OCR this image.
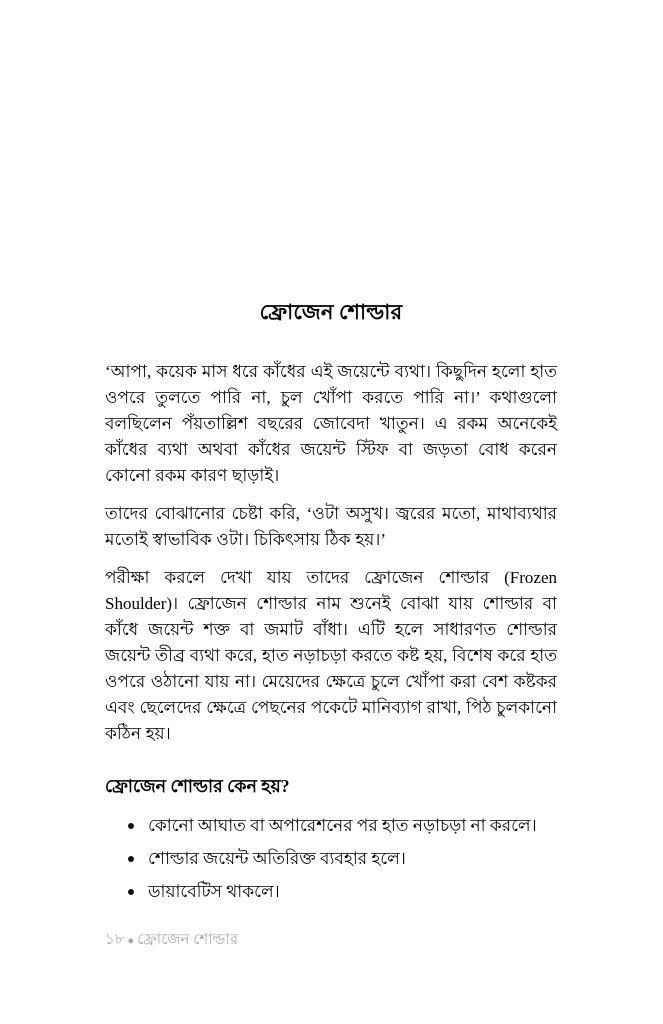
ফ্রোজেন শোল্ডার

‘আপা, কয়েক মাস ধরে কাঁধের এই জয়েন্টে ব্যথা। কিছুদিন হলো হাত ওপরে তুলতে পারি না, চুল খোঁপা করতে পারি না।’ কথাগুলো বলছিলেন পঁয়তাল্লিশ বছরের জোবেদা খাতুন। এ রকম অনেকেই কাঁধের ব্যথা অথবা কাঁধের জয়েন্ট স্টিফ বা জড়তা বোধ করেন কোনো রকম কারণ ছাড়াই।

তাদের বোঝানোর চেষ্টা করি, ‘ওটা অসুখ। জ্বরের মতো, মাথাব্যথার মতোই স্বাভাবিক ওটা। চিকিৎসায় ঠিক হয়।’

পরীক্ষা করলে দেখা যায় তাদের ফ্রোজেন শোল্ডার (Frozen Shoulder)। ফ্রোজেন শোল্ডার নাম শুনেই বোঝা যায় শোল্ডার বা কাঁধে জয়েন্ট শক্ত বা জমাট বাঁধা। এটি হলে সাধারণত শোল্ডার জয়েন্ট তীব্র ব্যথা করে, হাত নড়াচড়া করতে কষ্ট হয়, বিশেষ করে হাত ওপরে ওঠানো যায় না। মেয়েদের ক্ষেত্রে চুলে খোঁপা করা বেশ কষ্টকর এবং ছেলেদের ক্ষেত্রে পেছনের পকেটে মানিব্যাগ রাখা, পিঠ চুলকানো কঠিন হয়।

ফ্রোজেন শোল্ডার কেন হয়?
কোনো আঘাত বা অপারেশনের পর হাত নড়াচড়া না করলে।
শোল্ডার জয়েন্ট অতিরিক্ত ব্যবহার হলে।
ডায়াবেটিস থাকলে।
১৮ ● ফ্রোজেন শোল্ডার
